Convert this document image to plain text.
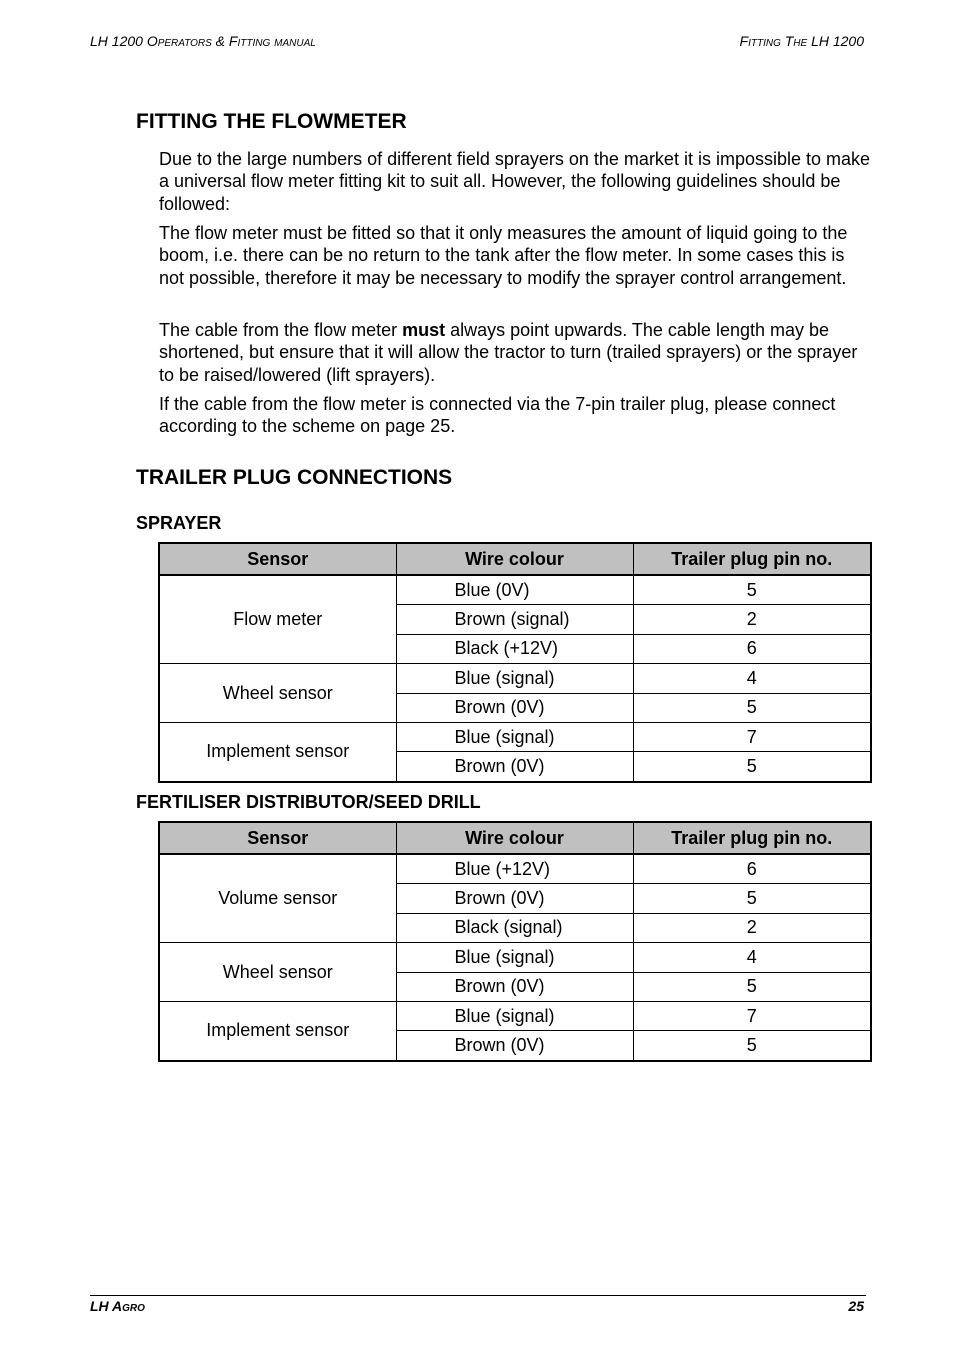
LH 1200 Operators & Fitting manual	Fitting The LH 1200
FITTING THE FLOWMETER

Due to the large numbers of different field sprayers on the market it is impossible to make a universal flow meter fitting kit to suit all. However, the following guidelines should be followed:

The flow meter must be fitted so that it only measures the amount of liquid going to the boom, i.e. there can be no return to the tank after the flow meter. In some cases this is not possible, therefore it may be necessary to modify the sprayer control arrangement.

The cable from the flow meter must always point upwards. The cable length may be shortened, but ensure that it will allow the tractor to turn (trailed sprayers) or the sprayer to be raised/lowered (lift sprayers).

If the cable from the flow meter is connected via the 7-pin trailer plug, please connect according to the scheme on page 25.

TRAILER PLUG CONNECTIONS
SPRAYER
Sensor	Wire colour	Trailer plug pin no.
Flow meter	Blue (0V)	5
	Brown (signal)	2
	Black (+12V)	6
Wheel sensor	Blue (signal)	4
	Brown (0V)	5
Implement sensor	Blue (signal)	7
	Brown (0V)	5
FERTILISER DISTRIBUTOR/SEED DRILL
Sensor	Wire colour	Trailer plug pin no.
Volume sensor	Blue (+12V)	6
	Brown (0V)	5
	Black (signal)	2
Wheel sensor	Blue (signal)	4
	Brown (0V)	5
Implement sensor	Blue (signal)	7
	Brown (0V)	5
LH Agro	25
